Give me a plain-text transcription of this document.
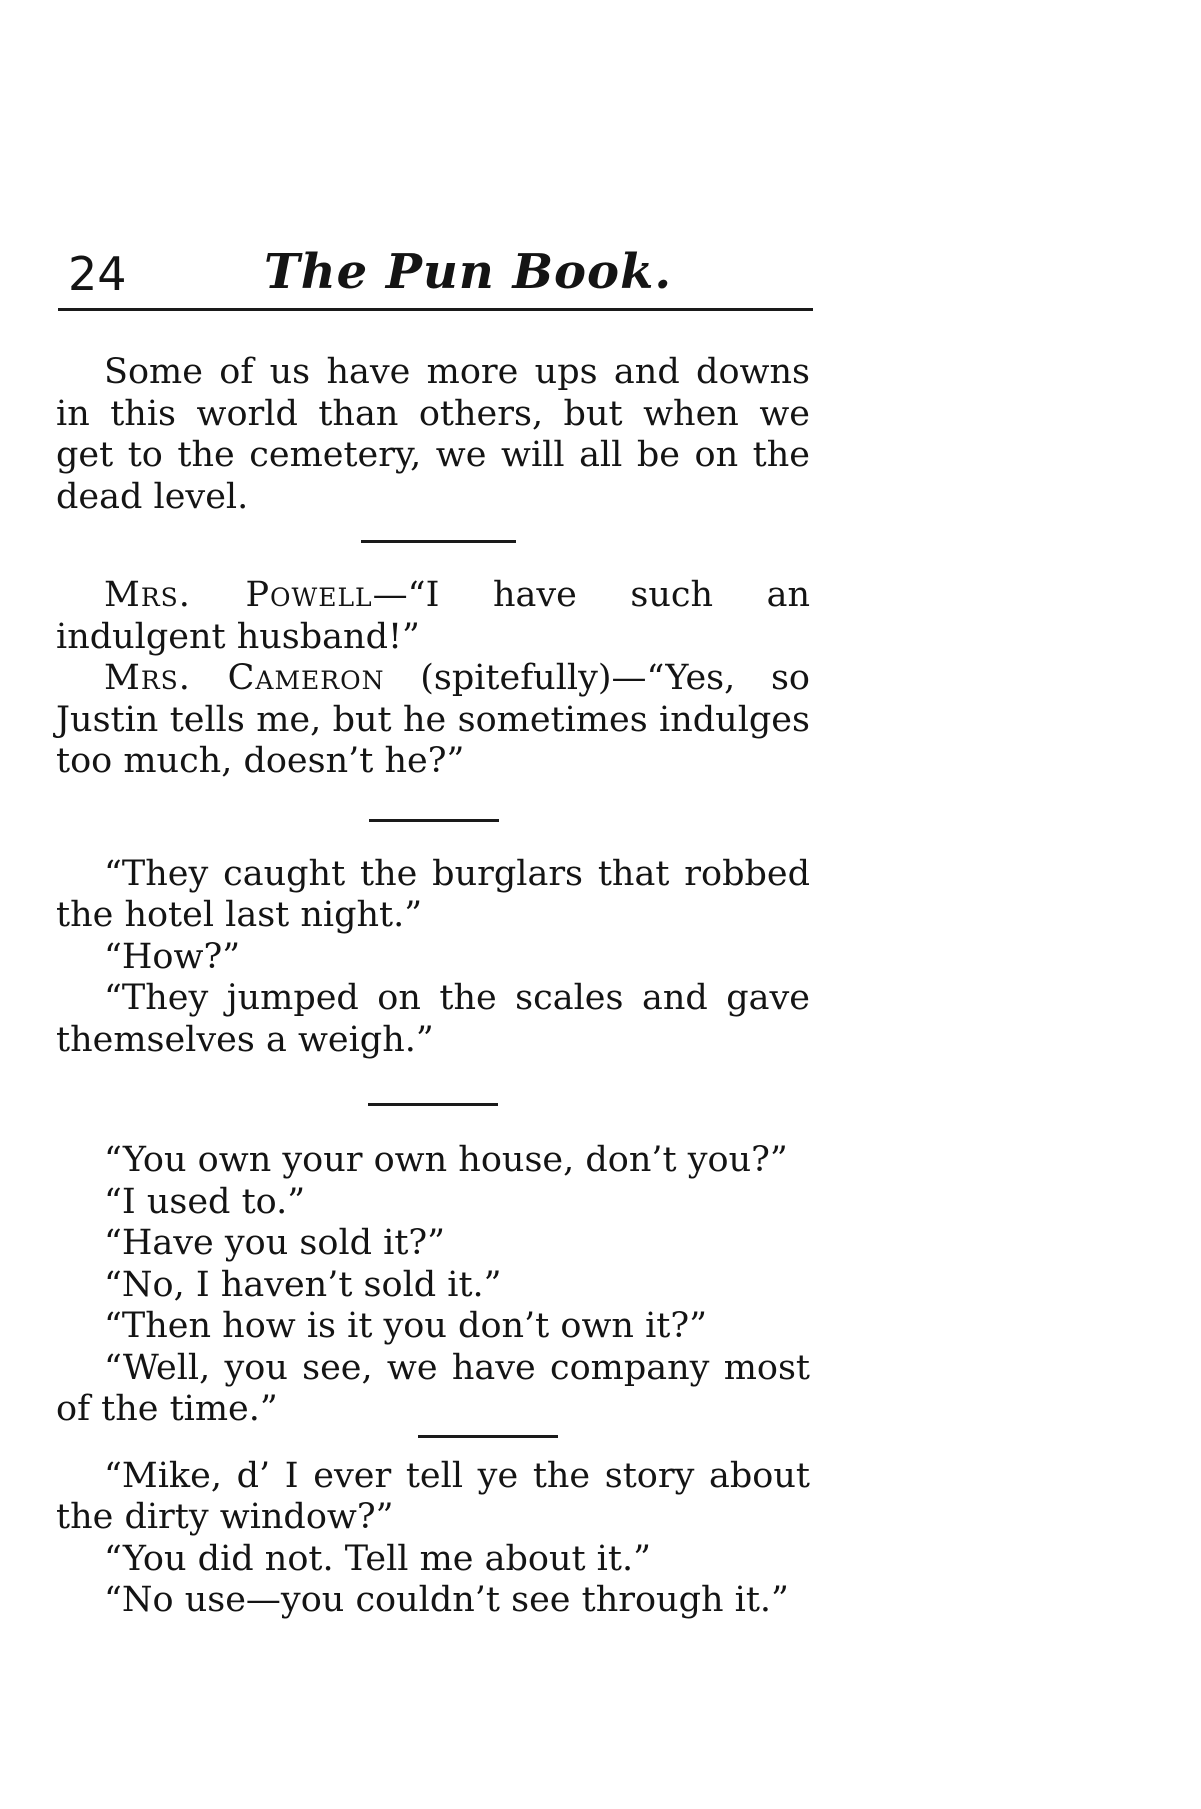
24	The Pun Book.

Some of us have more ups and downs in this world than others, but when we get to the cemetery, we will all be on the dead level.

Mrs. Powell—“I have such an indulgent husband!”

Mrs. Cameron (spitefully)—“Yes, so Justin tells me, but he sometimes indulges too much, doesn’t he?”

“They caught the burglars that robbed the hotel last night.”

“How?”

“They jumped on the scales and gave themselves a weigh.”

“You own your own house, don’t you?”

“I used to.”

“Have you sold it?”

“No, I haven’t sold it.”

“Then how is it you don’t own it?”

“Well, you see, we have company most of the time.”

“Mike, d’ I ever tell ye the story about the dirty window?”

“You did not. Tell me about it.”

“No use—you couldn’t see through it.”
